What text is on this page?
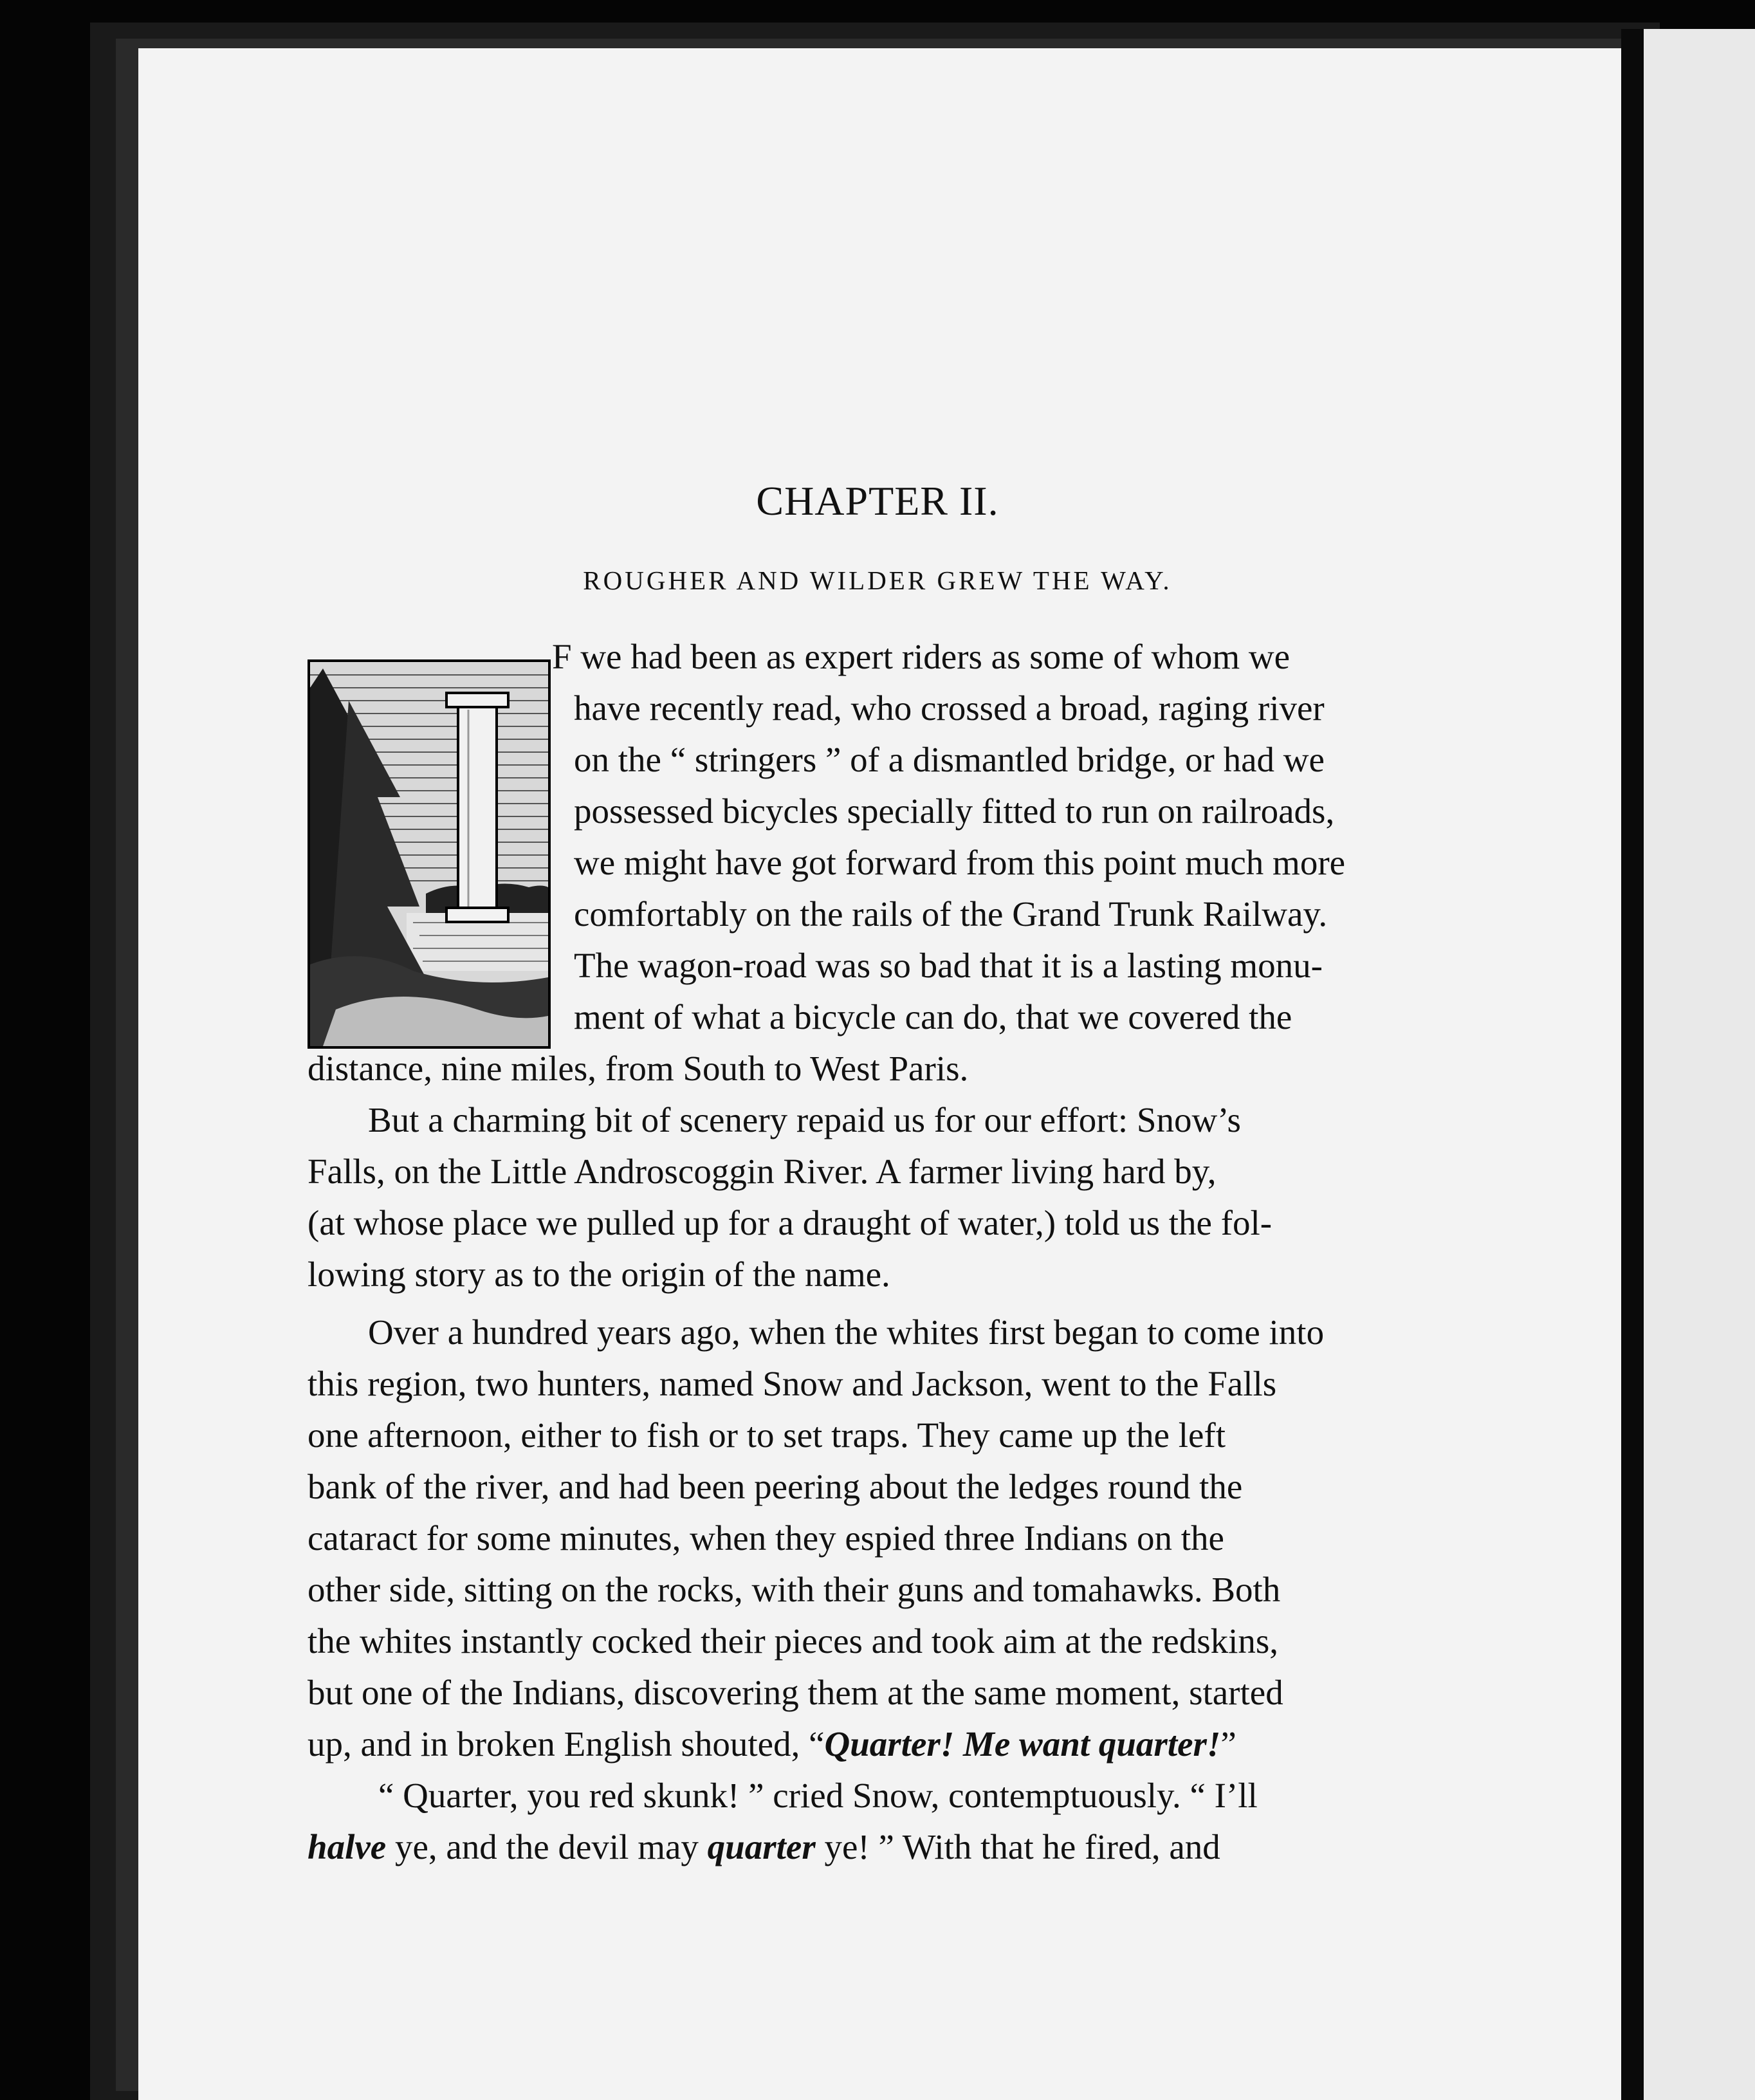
CHAPTER II.
ROUGHER AND WILDER GREW THE WAY.
F we had been as expert riders as some of whom we
have recently read, who crossed a broad, raging river
on the “ stringers ” of a dismantled bridge, or had we
possessed bicycles specially fitted to run on railroads,
we might have got forward from this point much more
comfortably on the rails of the Grand Trunk Railway.
The wagon-road was so bad that it is a lasting monu-
ment of what a bicycle can do, that we covered the
distance, nine miles, from South to West Paris.
But a charming bit of scenery repaid us for our effort: Snow’s
Falls, on the Little Androscoggin River. A farmer living hard by,
(at whose place we pulled up for a draught of water,) told us the fol-
lowing story as to the origin of the name.
Over a hundred years ago, when the whites first began to come into
this region, two hunters, named Snow and Jackson, went to the Falls
one afternoon, either to fish or to set traps. They came up the left
bank of the river, and had been peering about the ledges round the
cataract for some minutes, when they espied three Indians on the
other side, sitting on the rocks, with their guns and tomahawks. Both
the whites instantly cocked their pieces and took aim at the redskins,
but one of the Indians, discovering them at the same moment, started
up, and in broken English shouted, “Quarter! Me want quarter!”
“ Quarter, you red skunk! ” cried Snow, contemptuously. “ I’ll
halve ye, and the devil may quarter ye! ” With that he fired, and
